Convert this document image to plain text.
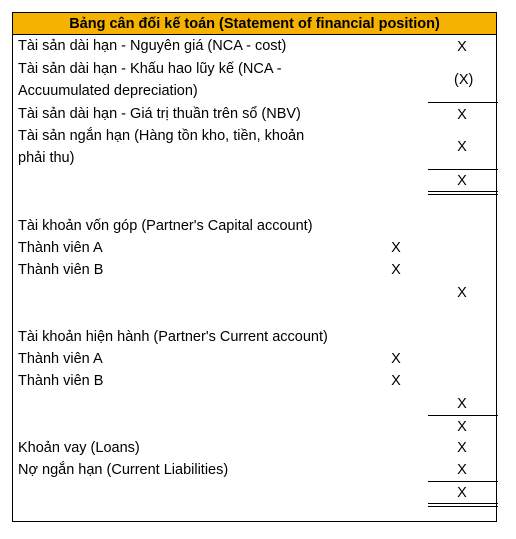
Bảng cân đối kế toán (Statement of financial position)
Tài sản dài hạn - Nguyên giá (NCA - cost)
Tài sản dài hạn - Khấu hao lũy kế (NCA -
Accuumulated depreciation)
Tài sản dài hạn - Giá trị thuần trên sổ (NBV)
Tài sản ngắn hạn (Hàng tồn kho, tiền, khoản
phải thu)
Tài khoản vốn góp (Partner's Capital account)
Thành viên A
Thành viên B
Tài khoản hiện hành (Partner's Current account)
Thành viên A
Thành viên B
Khoản vay (Loans)
Nợ ngắn hạn (Current Liabilities)
X
X
X
X
X
(X)
X
X
X
X
X
X
X
X
X
